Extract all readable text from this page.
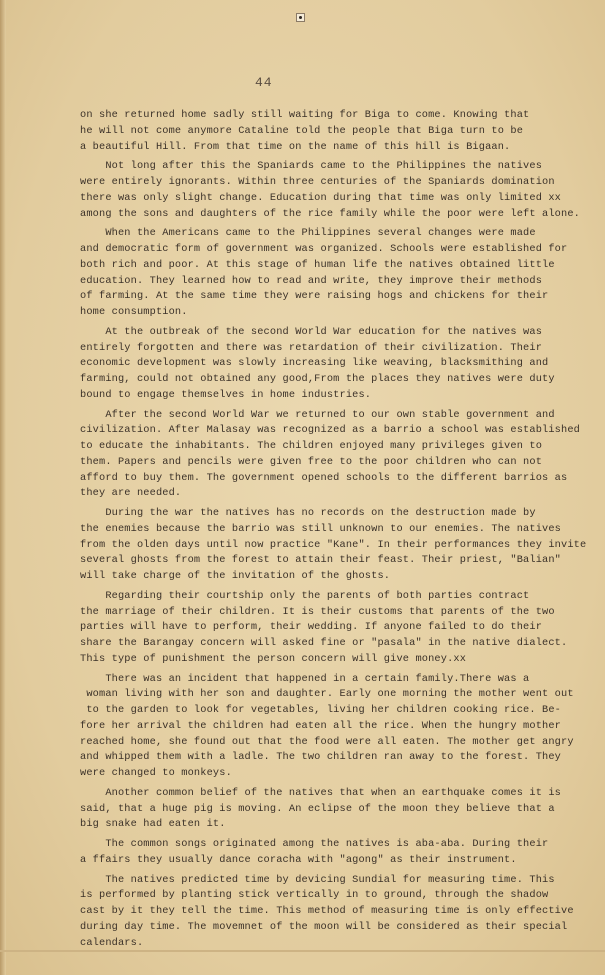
44
on she returned home sadly still waiting for Biga to come. Knowing that
he will not come anymore Cataline told the people that Biga turn to be
a beautiful Hill. From that time on the name of this hill is Bigaan.
Not long after this the Spaniards came to the Philippines the natives
were entirely ignorants. Within three centuries of the Spaniards domination
there was only slight change. Education during that time was only limited xx
among the sons and daughters of the rice family while the poor were left alone.
When the Americans came to the Philippines several changes were made
and democratic form of government was organized. Schools were established for
both rich and poor. At this stage of human life the natives obtained little
education. They learned how to read and write, they improve their methods
of farming. At the same time they were raising hogs and chickens for their
home consumption.
At the outbreak of the second World War education for the natives was
entirely forgotten and there was retardation of their civilization. Their
economic development was slowly increasing like weaving, blacksmithing and
farming, could not obtained any good,From the places they natives were duty
bound to engage themselves in home industries.
After the second World War we returned to our own stable government and
civilization. After Malasay was recognized as a barrio a school was established
to educate the inhabitants. The children enjoyed many privileges given to
them. Papers and pencils were given free to the poor children who can not
afford to buy them. The government opened schools to the different barrios as
they are needed.
During the war the natives has no records on the destruction made by
the enemies because the barrio was still unknown to our enemies. The natives
from the olden days until now practice "Kane". In their performances they invite
several ghosts from the forest to attain their feast. Their priest, "Balian"
will take charge of the invitation of the ghosts.
Regarding their courtship only the parents of both parties contract
the marriage of their children. It is their customs that parents of the two
parties will have to perform, their wedding. If anyone failed to do their
share the Barangay concern will asked fine or "pasala" in the native dialect.
This type of punishment the person concern will give money.xx
There was an incident that happened in a certain family.There was a
woman living with her son and daughter. Early one morning the mother went out
to the garden to look for vegetables, living her children cooking rice. Be-
fore her arrival the children had eaten all the rice. When the hungry mother
reached home, she found out that the food were all eaten. The mother get angry
and whipped them with a ladle. The two children ran away to the forest. They
were changed to monkeys.
Another common belief of the natives that when an earthquake comes it is
said, that a huge pig is moving. An eclipse of the moon they believe that a
big snake had eaten it.
The common songs originated among the natives is aba-aba. During their
a ffairs they usually dance coracha with "agong" as their instrument.
The natives predicted time by devicing Sundial for measuring time. This
is performed by planting stick vertically in to ground, through the shadow
cast by it they tell the time. This method of measuring time is only effective
during day time. The movemnet of the moon will be considered as their special
calendars.
